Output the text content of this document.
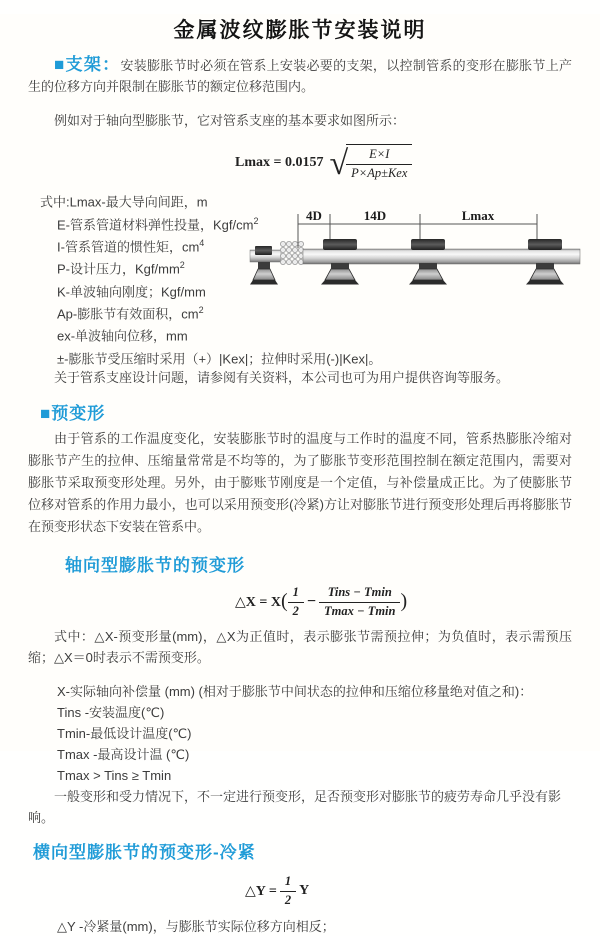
金属波纹膨胀节安装说明

■支架：安装膨胀节时必须在管系上安装必要的支架，以控制管系的变形在膨胀节上产生的位移方向并限制在膨胀节的额定位移范围内。

例如对于轴向型膨胀节，它对管系支座的基本要求如图所示：

Lmax = 0.0157 √
$\frac{E\times I}{\text{P×Ap±Kex}}$
式中:Lmax-最大导向间距，m
E-管系管道材料弹性投量，Kgf/$cm^2$
I-管系管道的惯性矩，$cm^4$
P-设计压力，Kgf/$mm^2$
K-单波轴向刚度；Kgf/mm
Ap-膨胀节有效面积，$cm^2$
ex-单波轴向位移，mm
±-膨胀节受压缩时采用（+）|Kex|；拉伸时采用(-)|Kex|。
关于管系支座设计问题，请参阅有关资料，本公司也可为用户提供咨询等服务。
■预变形

由于管系的工作温度变化，安装膨胀节时的温度与工作时的温度不同，管系热膨胀冷缩对膨胀节产生的拉伸、压缩量常常是不均等的，为了膨胀节变形范围控制在额定范围内，需要对膨胀节采取预变形处理。另外，由于膨账节刚度是一个定值，与补偿量成正比。为了使膨胀节位移对管系的作用力最小，也可以采用预变形(冷紧)方让对膨胀节进行预变形处理后再将膨胀节在预变形状态下安装在管系中。

轴向型膨胀节的预变形
△X = X ( $\frac{1}{2} - \frac{\text{Tins − Tmin}}{Tmax - Tmin}$ )

式中：△X-预变形量(mm)，△X为正值时，表示膨张节需预拉伸；为负值时，表示需预压缩；△X＝0时表示不需预变形。

X-实际轴向补偿量 (mm) (相对于膨胀节中间状态的拉伸和压缩位移量绝对值之和)：
Tins -安装温度(℃)
Tmin-最低设计温度(℃)
Tmax -最高设计温 (℃)
Tmax > Tins ≥ Tmin
一般变形和受力情况下，不一定进行预变形，足否预变形对膨胀节的疲劳寿命几乎没有影响。
横向型膨胀节的预变形-冷紧
△Y = $\frac{1}{2}$ Y
△Y -冷紧量(mm)，与膨胀节实际位移方向相反；
4D	14D	Lmax
